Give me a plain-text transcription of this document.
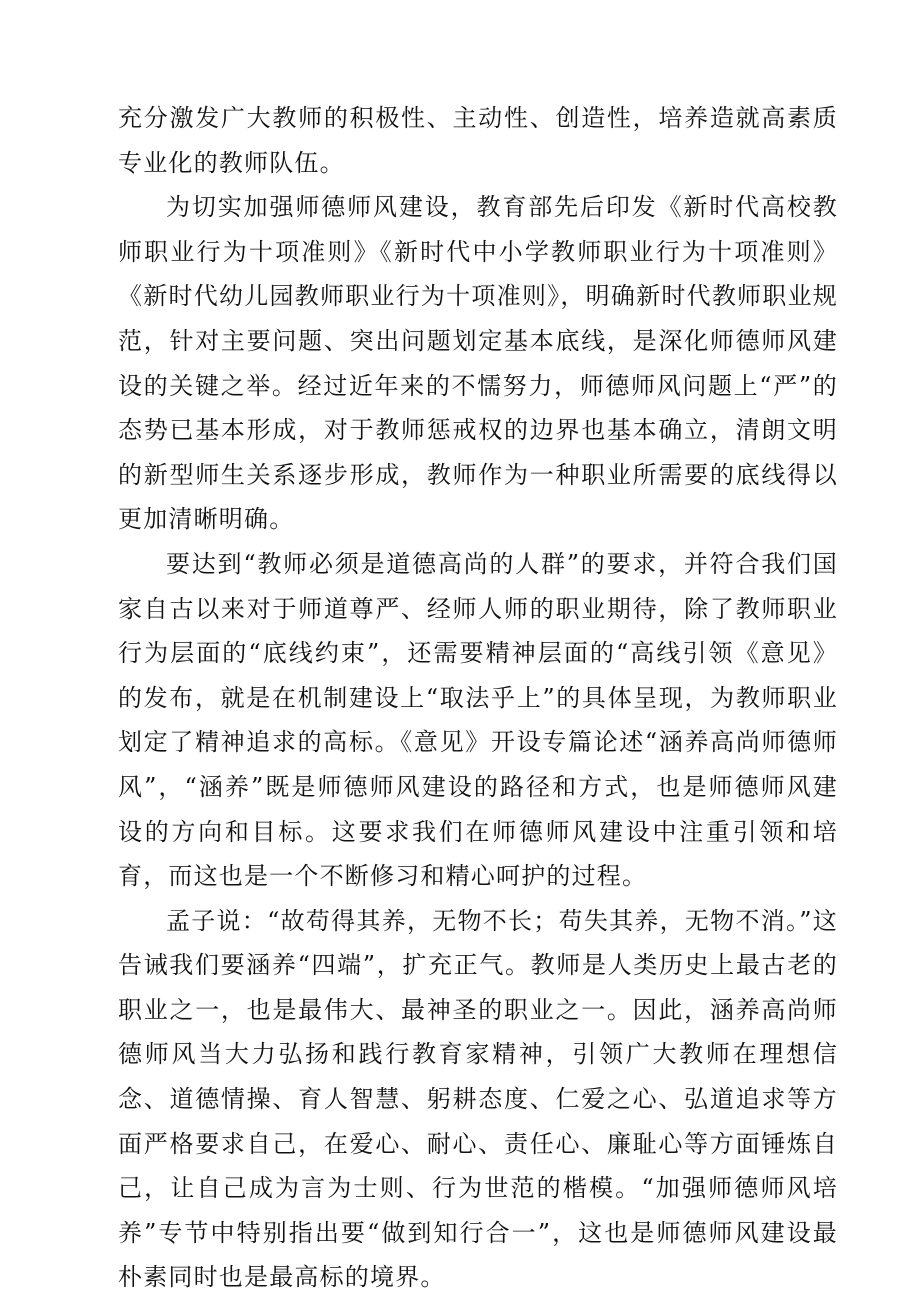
充分激发广大教师的积极性、主动性、创造性，培养造就高素质专业化的教师队伍。

为切实加强师德师风建设，教育部先后印发《新时代高校教师职业行为十项准则》《新时代中小学教师职业行为十项准则》《新时代幼儿园教师职业行为十项准则》，明确新时代教师职业规范，针对主要问题、突出问题划定基本底线，是深化师德师风建设的关键之举。经过近年来的不懦努力，师德师风问题上“严”的态势已基本形成，对于教师惩戒权的边界也基本确立，清朗文明的新型师生关系逐步形成，教师作为一种职业所需要的底线得以更加清晰明确。

要达到“教师必须是道德高尚的人群”的要求，并符合我们国家自古以来对于师道尊严、经师人师的职业期待，除了教师职业行为层面的“底线约束”，还需要精神层面的“高线引领《意见》的发布，就是在机制建设上“取法乎上”的具体呈现，为教师职业划定了精神追求的高标。《意见》开设专篇论述“涵养高尚师德师风”，“涵养”既是师德师风建设的路径和方式，也是师德师风建设的方向和目标。这要求我们在师德师风建设中注重引领和培育，而这也是一个不断修习和精心呵护的过程。

孟子说：“故苟得其养，无物不长；苟失其养，无物不消。”这告诫我们要涵养“四端”，扩充正气。教师是人类历史上最古老的职业之一，也是最伟大、最神圣的职业之一。因此，涵养高尚师德师风当大力弘扬和践行教育家精神，引领广大教师在理想信念、道德情操、育人智慧、躬耕态度、仁爱之心、弘道追求等方面严格要求自己，在爱心、耐心、责任心、廉耻心等方面锤炼自己，让自己成为言为士则、行为世范的楷模。“加强师德师风培养”专节中特别指出要“做到知行合一”，这也是师德师风建设最朴素同时也是最高标的境界。
